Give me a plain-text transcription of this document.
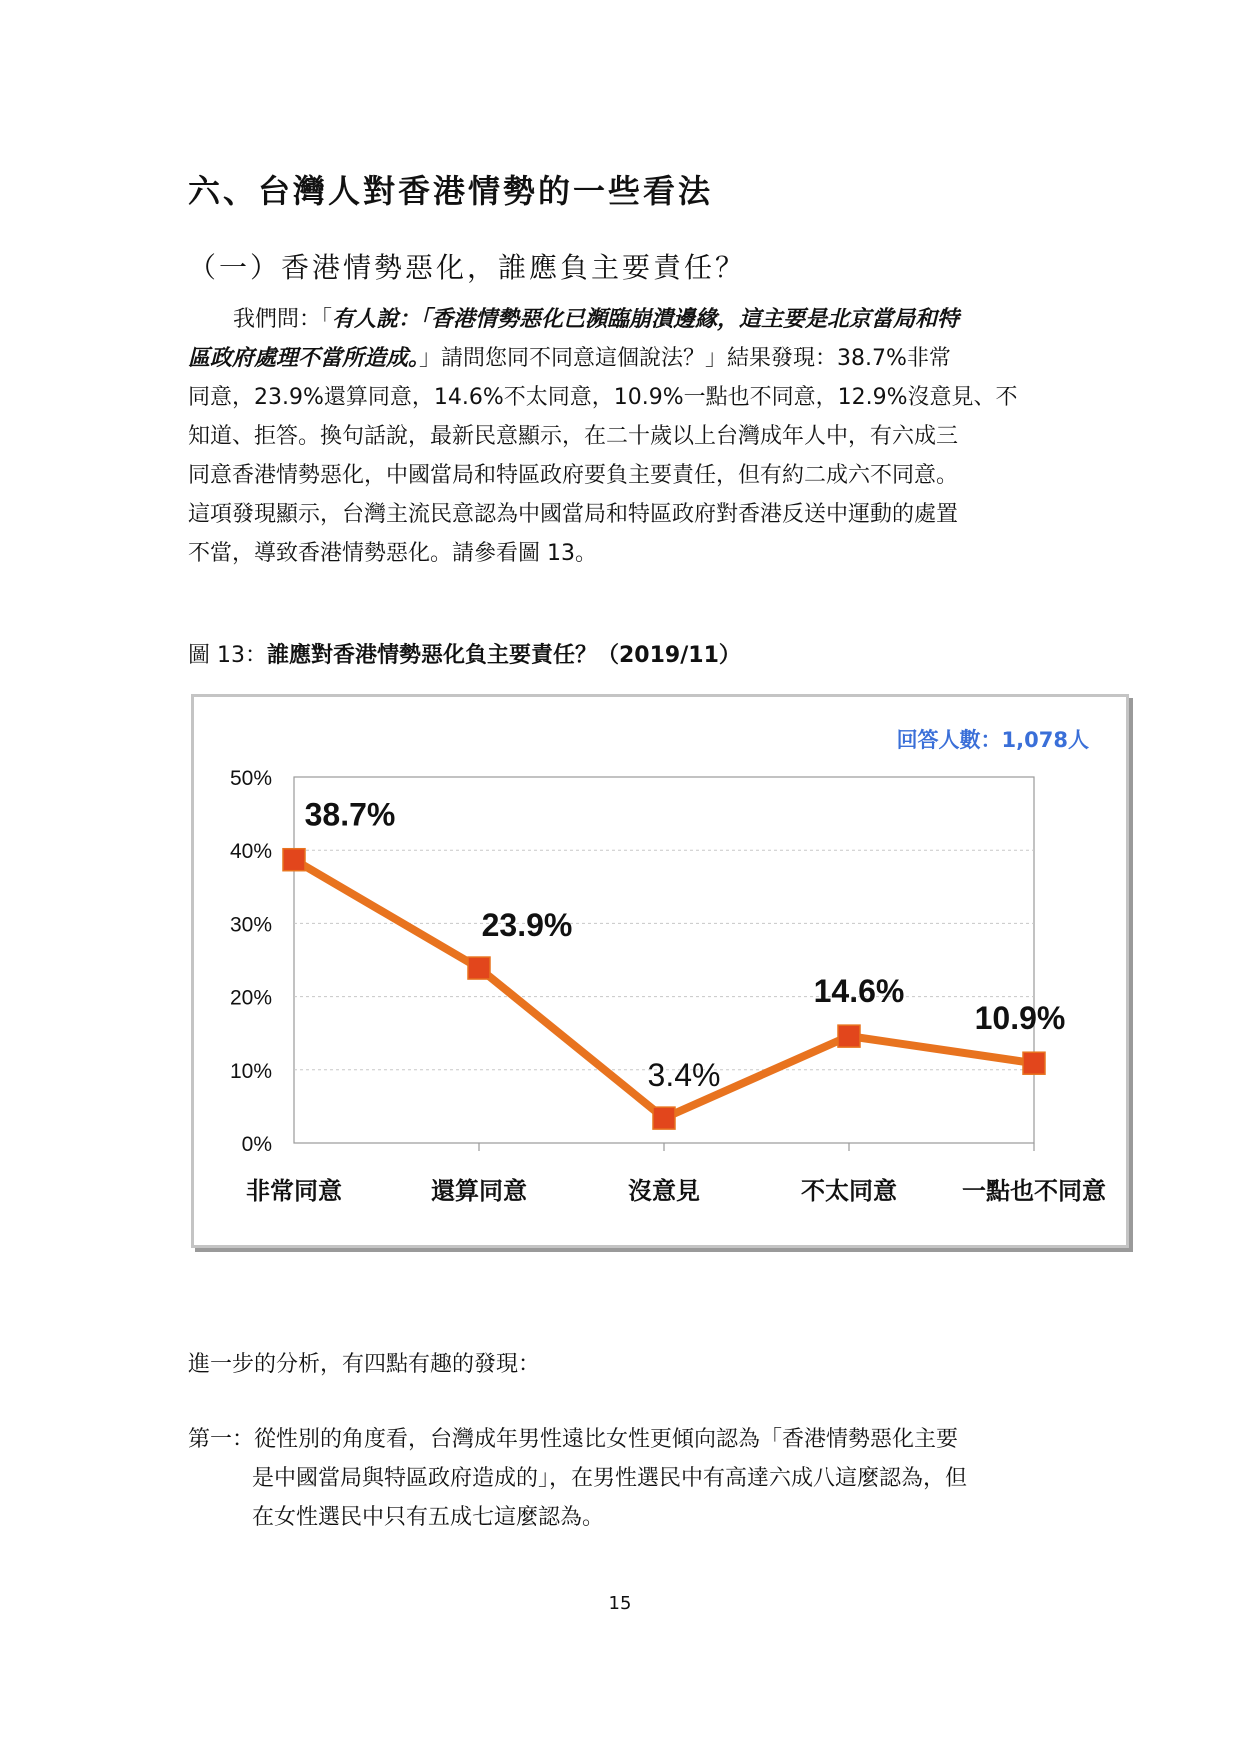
六、台灣人對香港情勢的一些看法
（一）香港情勢惡化，誰應負主要責任？
我們問：「有人說：「香港情勢惡化已瀕臨崩潰邊緣，這主要是北京當局和特
區政府處理不當所造成。」請問您同不同意這個說法？」結果發現：38.7%非常
同意，23.9%還算同意，14.6%不太同意，10.9%一點也不同意，12.9%沒意見、不
知道、拒答。換句話說，最新民意顯示，在二十歲以上台灣成年人中，有六成三
同意香港情勢惡化，中國當局和特區政府要負主要責任，但有約二成六不同意。
這項發現顯示，台灣主流民意認為中國當局和特區政府對香港反送中運動的處置
不當，導致香港情勢惡化。請參看圖 13。
圖 13：誰應對香港情勢惡化負主要責任？（2019/11）
0%
10%
20%
30%
40%
50%
38.7%
23.9%
3.4%
14.6%
10.9%
非常同意	還算同意	沒意見	不太同意	一點也不同意
回答人數：1,078人
進一步的分析，有四點有趣的發現：
第一：從性別的角度看，台灣成年男性遠比女性更傾向認為「香港情勢惡化主要
是中國當局與特區政府造成的」，在男性選民中有高達六成八這麼認為，但
在女性選民中只有五成七這麼認為。
15
